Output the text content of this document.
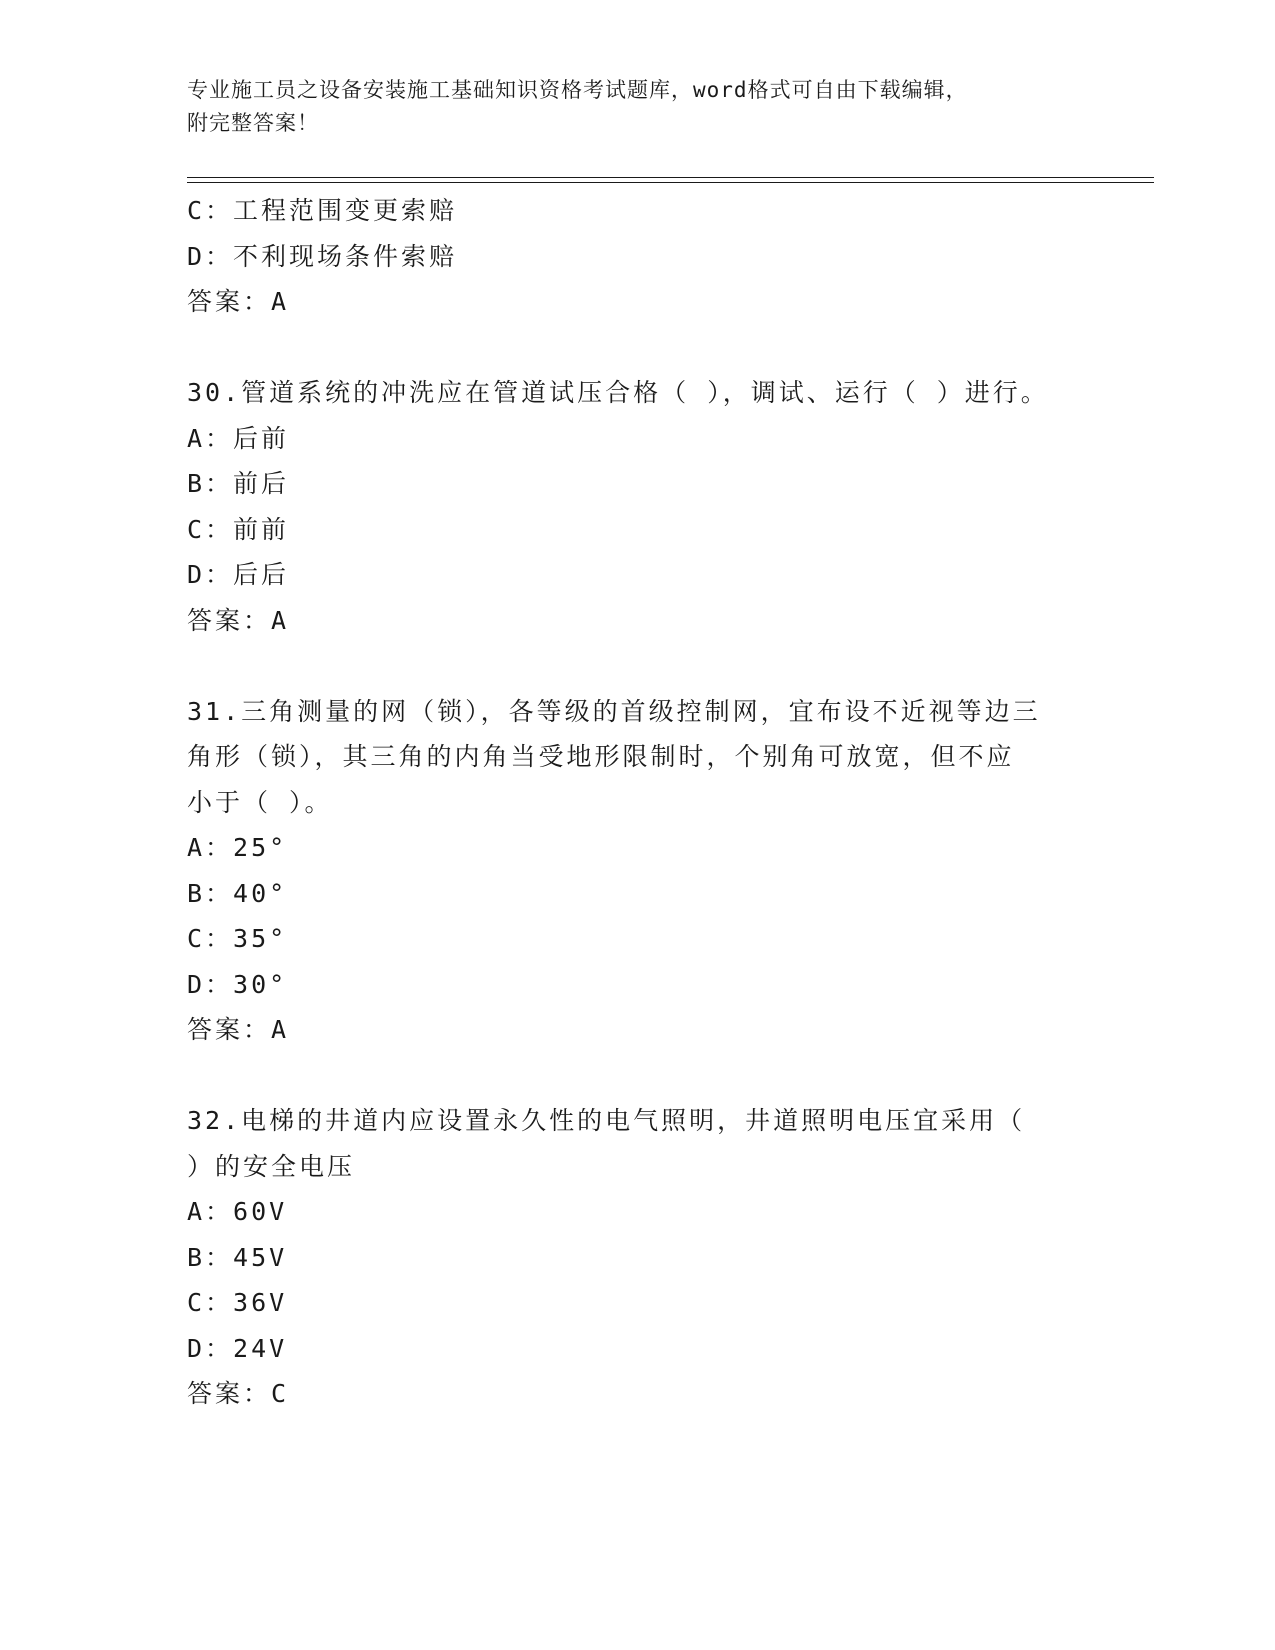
专业施工员之设备安装施工基础知识资格考试题库，word格式可自由下载编辑，
附完整答案！
C：工程范围变更索赔
D：不利现场条件索赔
答案：A
30.管道系统的冲洗应在管道试压合格（ ），调试、运行（ ）进行。
A：后前
B：前后
C：前前
D：后后
答案：A
31.三角测量的网（锁），各等级的首级控制网，宜布设不近视等边三
角形（锁），其三角的内角当受地形限制时，个别角可放宽，但不应
小于（ ）。
A：25°
B：40°
C：35°
D：30°
答案：A
32.电梯的井道内应设置永久性的电气照明，井道照明电压宜采用（
）的安全电压
A：60V
B：45V
C：36V
D：24V
答案：C
